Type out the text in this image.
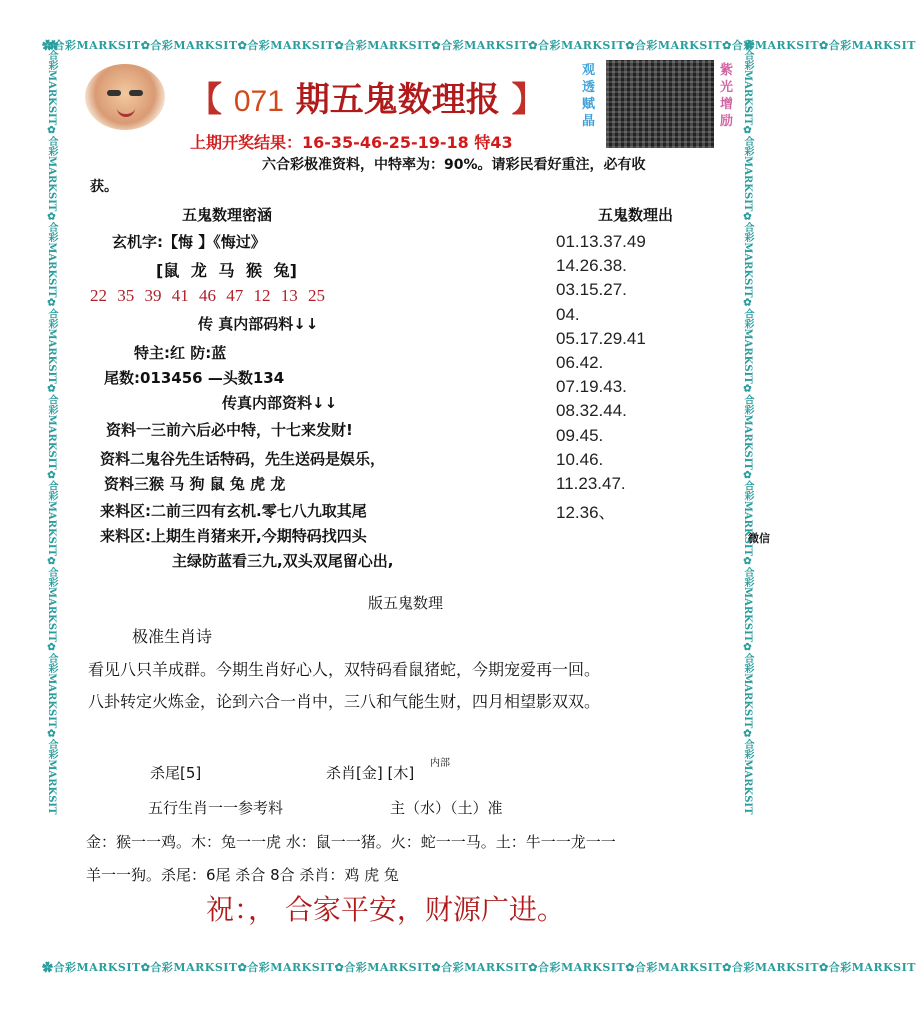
✿合彩MARKSIT✿合彩MARKSIT✿合彩MARKSIT✿合彩MARKSIT✿合彩MARKSIT✿合彩MARKSIT✿合彩MARKSIT✿合彩MARKSIT✿合彩MARKSIT
✿合彩MARKSIT✿合彩MARKSIT✿合彩MARKSIT✿合彩MARKSIT✿合彩MARKSIT✿合彩MARKSIT✿合彩MARKSIT✿合彩MARKSIT✿合彩MARKSIT
✿合彩MARKSIT✿合彩MARKSIT✿合彩MARKSIT✿合彩MARKSIT✿合彩MARKSIT✿合彩MARKSIT✿合彩MARKSIT✿合彩MARKSIT✿合彩MARKSIT	✿合彩MARKSIT✿合彩MARKSIT✿合彩MARKSIT✿合彩MARKSIT✿合彩MARKSIT✿合彩MARKSIT✿合彩MARKSIT✿合彩MARKSIT✿合彩MARKSIT
【 071 期五鬼数理报 】
观透赋晶
紫光增励
上期开奖结果：16-35-46-25-19-18 特43
六合彩极准资料，中特率为：90%。请彩民看好重注，必有收
获。
五鬼数理密涵
玄机字:【悔 】《悔过》
[鼠 龙 马 猴 兔]
22 35 39 41 46 47 12 13 25
传 真内部码料↓↓
特主:红 防:蓝
尾数:013456 —头数134
传真内部资料↓↓
资料一三前六后必中特，十七来发财!
资料二鬼谷先生话特码，先生送码是娱乐，
资料三猴 马 狗 鼠 兔 虎 龙
来料区:二前三四有玄机.零七八九取其尾
来料区:上期生肖猪来开,今期特码找四头
主绿防蓝看三九,双头双尾留心出,
五鬼数理出
01.13.37.49
14.26.38.
03.15.27.
04.
05.17.29.41
06.42.
07.19.43.
08.32.44.
09.45.
10.46.
11.23.47.
12.36、
微信
版五鬼数理
极准生肖诗
看见八只羊成群。今期生肖好心人，双特码看鼠猪蛇，今期宠爱再一回。
八卦转定火炼金，论到六合一肖中，三八和气能生财，四月相望影双双。
杀尾[5]	杀肖[金] [木]
内部
五行生肖一一参考料	主（水）（土）准
金：猴一一鸡。木：兔一一虎 水：鼠一一猪。火：蛇一一马。土：牛一一龙一一
羊一一狗。杀尾：6尾 杀合 8合 杀肖：鸡 虎 兔
祝：， 合家平安，财源广进。
